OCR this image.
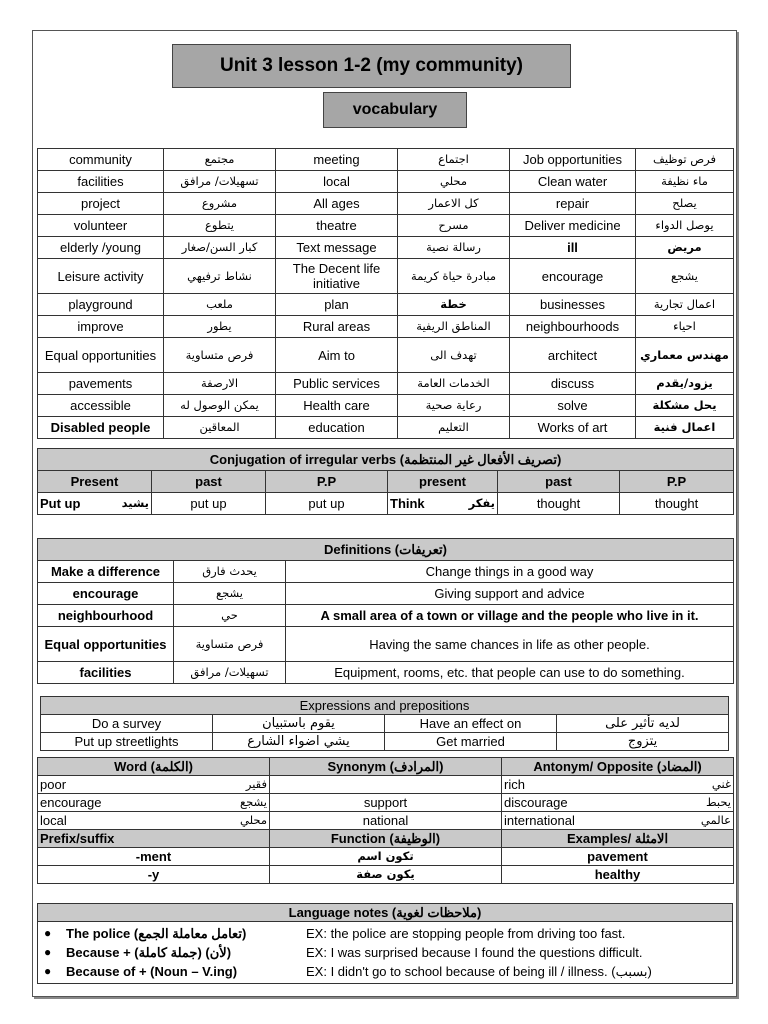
Unit 3 lesson 1-2 (my community)
vocabulary
community	مجتمع	meeting	اجتماع	Job opportunities	فرص توظيف
facilities	تسهيلات/ مرافق	local	محلي	Clean water	ماء نظيفة
project	مشروع	All ages	كل الاعمار	repair	يصلح
volunteer	يتطوع	theatre	مسرح	Deliver medicine	يوصل الدواء
elderly /young	كبار السن/صغار	Text message	رسالة نصية	ill	مريض
Leisure activity	نشاط ترفيهي	The Decent life initiative	مبادرة حياة كريمة	encourage	يشجع
playground	ملعب	plan	خطة	businesses	اعمال تجارية
improve	يطور	Rural areas	المناطق الريفية	neighbourhoods	احياء
Equal opportunities	فرص متساوية	Aim to	تهدف الى	architect	مهندس معماري
pavements	الارصفة	Public services	الخدمات العامة	discuss	يزود/يقدم
accessible	يمكن الوصول له	Health care	رعاية صحية	solve	يحل مشكلة
Disabled people	المعاقين	education	التعليم	Works of art	اعمال فنية
Conjugation of irregular verbs (تصريف الأفعال غير المنتظمة)					
Present	past	P.P	present	past	P.P

Put up يشيد	put up	put up	Think يفكر	thought	thought
Definitions (تعريفات)		
Make a difference	يحدث فارق	Change things in a good way
encourage	يشجع	Giving support and advice
neighbourhood	حي	A small area of a town or village and the people who live in it.
Equal opportunities	فرص متساوية	Having the same chances in life as other people.
facilities	تسهيلات/ مرافق	Equipment, rooms, etc. that people can use to do something.
Expressions and prepositions			
Do a survey	يقوم باستبيان	Have an effect on	لديه تأثير على
Put up streetlights	يشي اضواء الشارع	Get married	يتزوج
Word (الكلمة)	Synonym (المرادف)	Antonym/ Opposite (المضاد)

poor فقير		rich غني

encourage يشجع	support	discourage يحبط

local محلي	national	international عالمي

Prefix/suffix	Function (الوظيفة)	Examples/ الامثلة
-ment	تكون اسم	pavement
-y	يكون صفة	healthy
Language notes (ملاحظات لغوية)

●	The police (تعامل معاملة الجمع)	EX: the police are stopping people from driving too fast.
●	Because + (جملة كاملة) (لأن)	EX: I was surprised because I found the questions difficult.
●	Because of + (Noun – V.ing)	EX: I didn't go to school because of being ill / illness. (بسبب)
